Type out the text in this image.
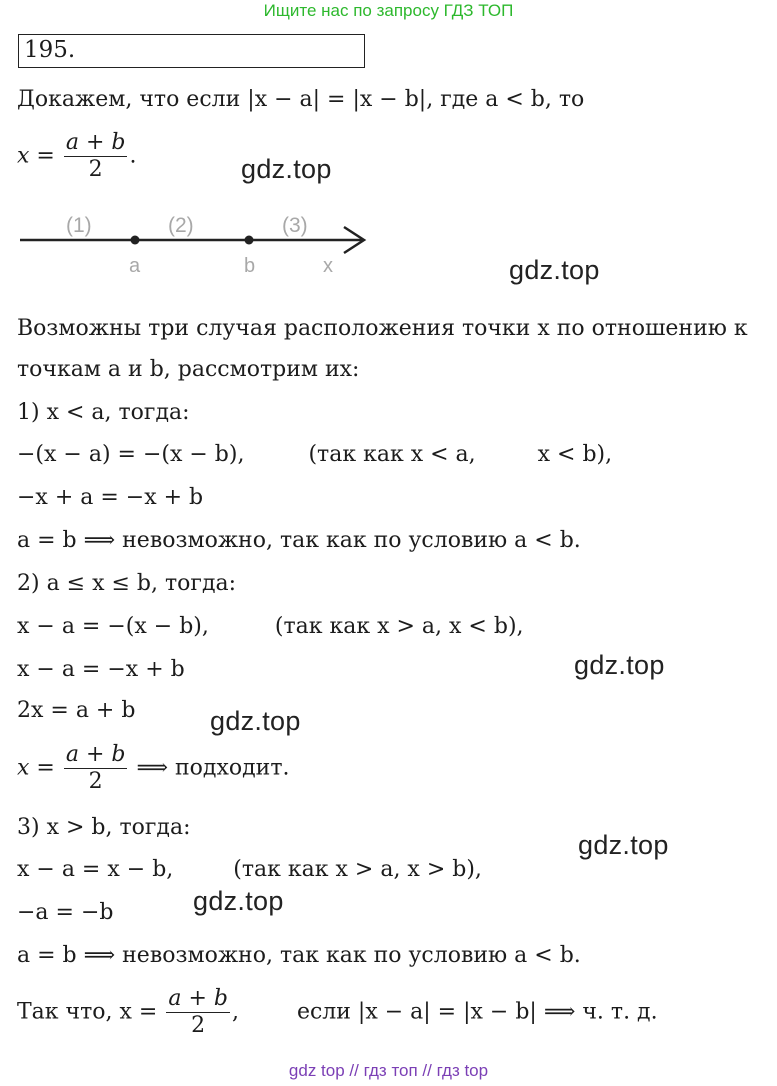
Ищите нас по запросу ГДЗ ТОП
195.
Докажем, что если |x − a| = |x − b|, где a < b, то
$x = \frac{a + b}{2}$ .	gdz.top
(1)	(2)	(3)
a	b	x	gdz.top
Возможны три случая расположения точки x по отношению к
точкам a и b, рассмотрим их:
1) x < a, тогда:
−(x − a) = −(x − b),	(так как x < a,	x < b),
−x + a = −x + b
a = b ⟹ невозможно, так как по условию a < b.
2) a ≤ x ≤ b, тогда:
x − a = −(x − b),	(так как x > a, x < b),
gdz.top
x − a = −x + b
2x = a + b	gdz.top
$x = \frac{a + b}{2}$ ⟹ подходит.
3) x > b, тогда:
gdz.top
x − a = x − b,	(так как x > a, x > b),
gdz.top
−a = −b
a = b ⟹ невозможно, так как по условию a < b.
Так что, $x = \frac{a + b}{2}$ ,	если |x − a| = |x − b| ⟹ ч. т. д.
gdz top // гдз топ // гдз top
